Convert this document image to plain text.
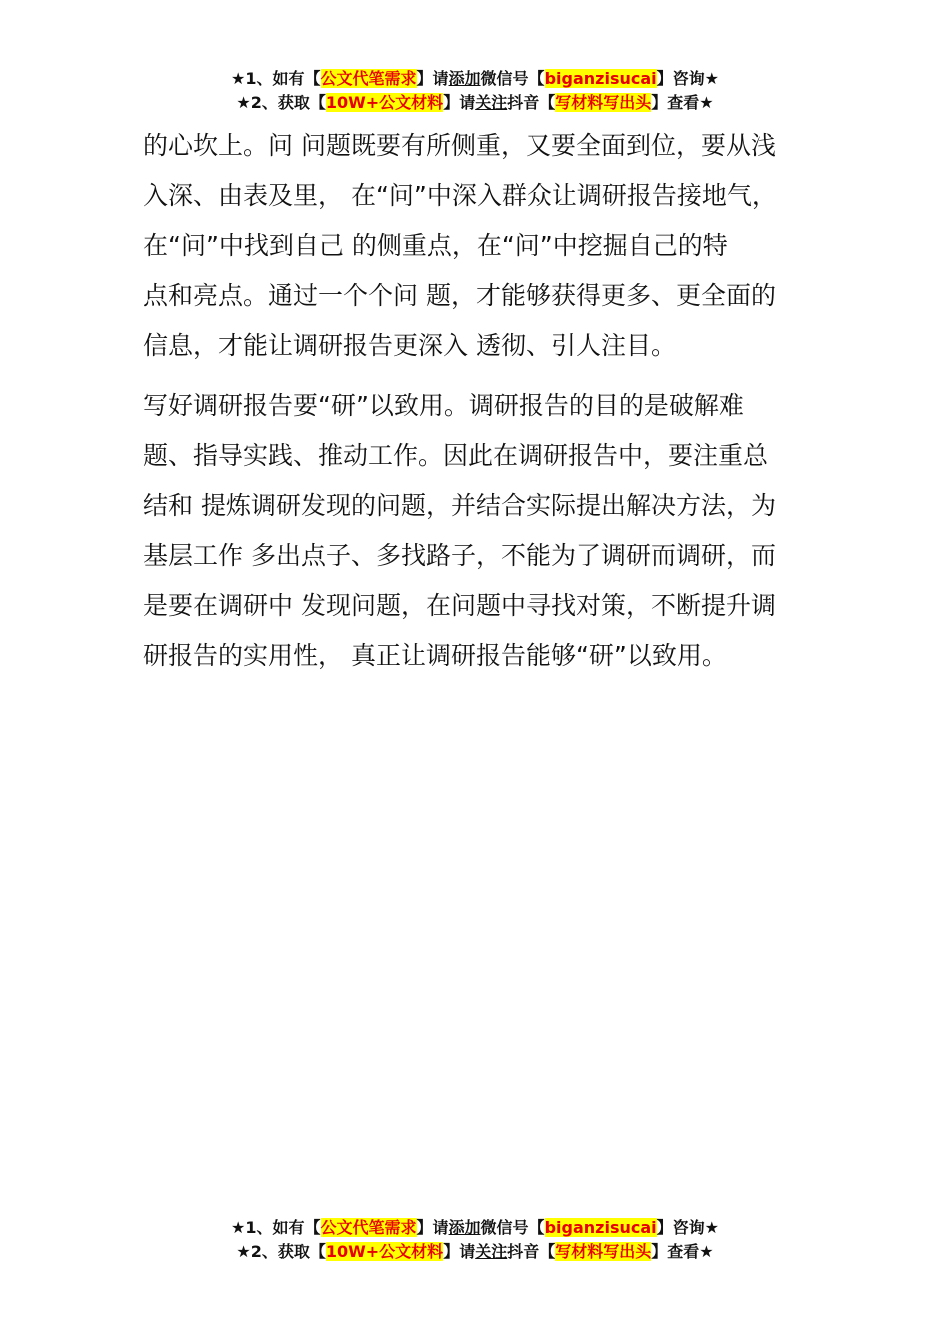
★1、如有【公文代笔需求】请添加微信号【biganzisucai】咨询★
★2、获取【10W+公文材料】请关注抖音【写材料写出头】查看★

的心坎上。问 问题既要有所侧重，又要全面到位，要从浅
入深、由表及里， 在“问”中深入群众让调研报告接地气，
在“问”中找到自己 的侧重点，在“问”中挖掘自己的特
点和亮点。通过一个个问 题，才能够获得更多、更全面的
信息，才能让调研报告更深入 透彻、引人注目。

写好调研报告要“研”以致用。调研报告的目的是破解难
题、指导实践、推动工作。因此在调研报告中，要注重总
结和 提炼调研发现的问题，并结合实际提出解决方法，为
基层工作 多出点子、多找路子，不能为了调研而调研，而
是要在调研中 发现问题，在问题中寻找对策，不断提升调
研报告的实用性， 真正让调研报告能够“研”以致用。

★1、如有【公文代笔需求】请添加微信号【biganzisucai】咨询★
★2、获取【10W+公文材料】请关注抖音【写材料写出头】查看★
